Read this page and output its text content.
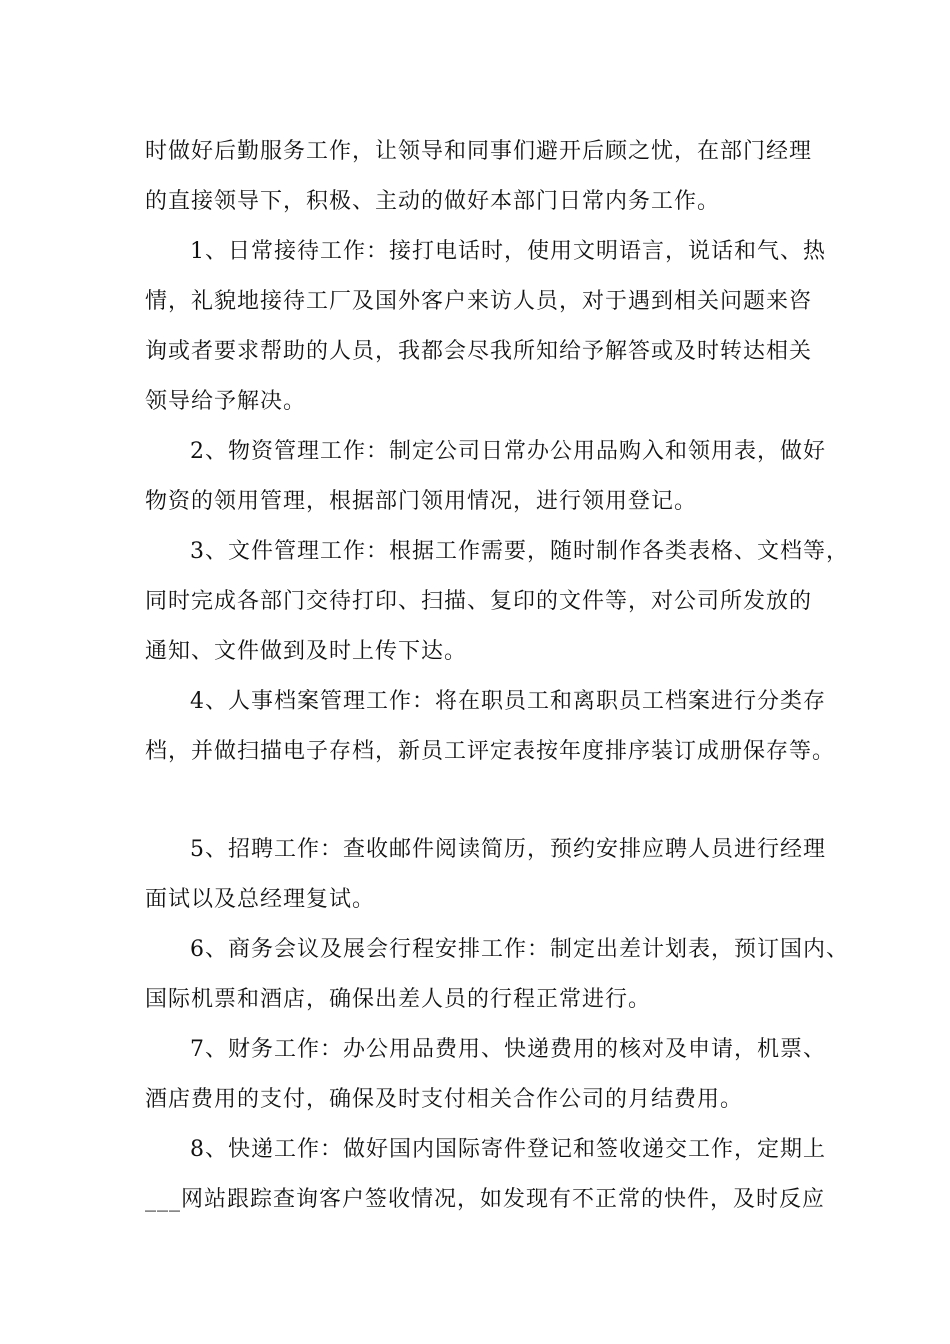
时做好后勤服务工作，让领导和同事们避开后顾之忧，在部门经理
的直接领导下，积极、主动的做好本部门日常内务工作。
1、日常接待工作：接打电话时，使用文明语言，说话和气、热
情，礼貌地接待工厂及国外客户来访人员，对于遇到相关问题来咨
询或者要求帮助的人员，我都会尽我所知给予解答或及时转达相关
领导给予解决。
2、物资管理工作：制定公司日常办公用品购入和领用表，做好
物资的领用管理，根据部门领用情况，进行领用登记。
3、文件管理工作：根据工作需要，随时制作各类表格、文档等，
同时完成各部门交待打印、扫描、复印的文件等，对公司所发放的
通知、文件做到及时上传下达。
4、人事档案管理工作：将在职员工和离职员工档案进行分类存
档，并做扫描电子存档，新员工评定表按年度排序装订成册保存等。
5、招聘工作：查收邮件阅读简历，预约安排应聘人员进行经理
面试以及总经理复试。
6、商务会议及展会行程安排工作：制定出差计划表，预订国内、
国际机票和酒店，确保出差人员的行程正常进行。
7、财务工作：办公用品费用、快递费用的核对及申请，机票、
酒店费用的支付，确保及时支付相关合作公司的月结费用。
8、快递工作：做好国内国际寄件登记和签收递交工作，定期上
___网站跟踪查询客户签收情况，如发现有不正常的快件，及时反应
